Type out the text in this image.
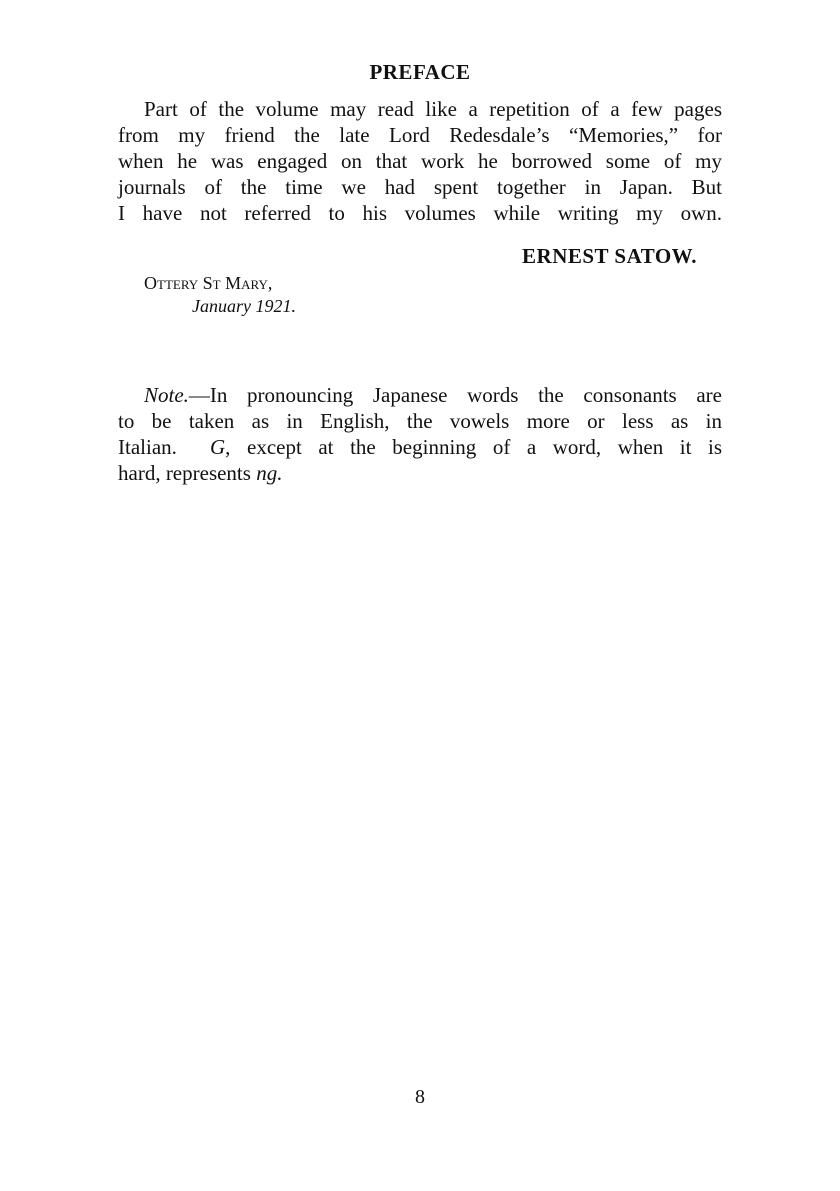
PREFACE
Part of the volume may read like a repetition of a few pages
from my friend the late Lord Redesdale’s “Memories,” for
when he was engaged on that work he borrowed some of my
journals of the time we had spent together in Japan. But
I have not referred to his volumes while writing my own.
ERNEST SATOW.
Ottery St Mary,
January 1921.
Note.—In pronouncing Japanese words the consonants are
to be taken as in English, the vowels more or less as in
Italian. G, except at the beginning of a word, when it is
hard, represents ng.
8
